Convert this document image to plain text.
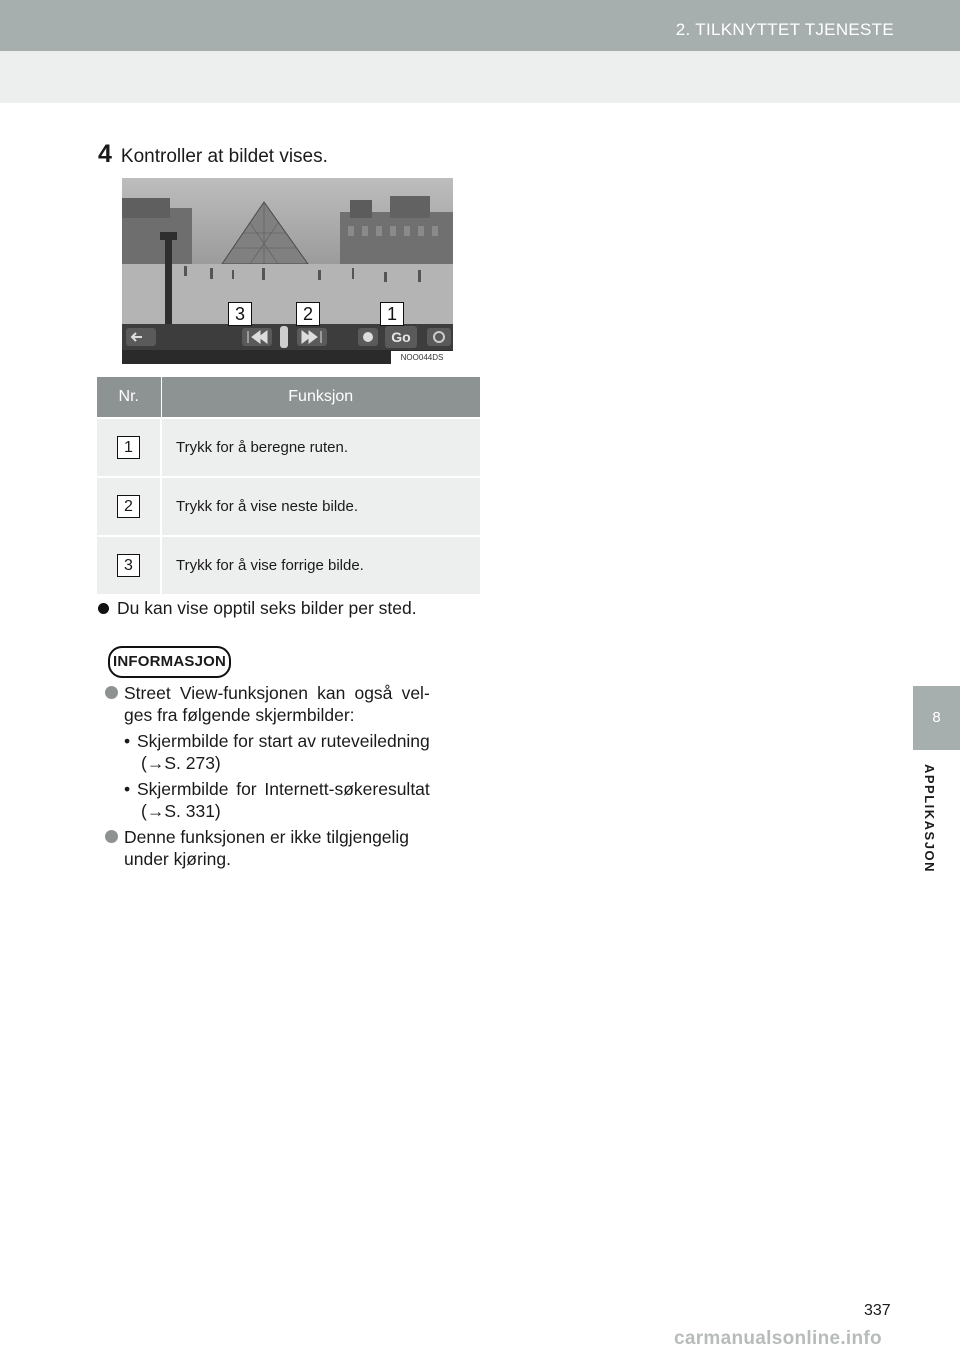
2. TILKNYTTET TJENESTE
8
APPLIKASJON
4 Kontroller at bildet vises.
Go
3	2	1
NOO044DS
Nr.	Funksjon
1	Trykk for å beregne ruten.
2	Trykk for å vise neste bilde.
3	Trykk for å vise forrige bilde.
Du kan vise opptil seks bilder per sted.
INFORMASJON
Street View-funksjonen kan også vel-
ges fra følgende skjermbilder:
• Skjermbilde for start av ruteveiledning
(→S. 273)
• Skjermbilde for Internett-søkeresultat
(→S. 331)
Denne funksjonen er ikke tilgjengelig
under kjøring.
337
carmanualsonline.info
